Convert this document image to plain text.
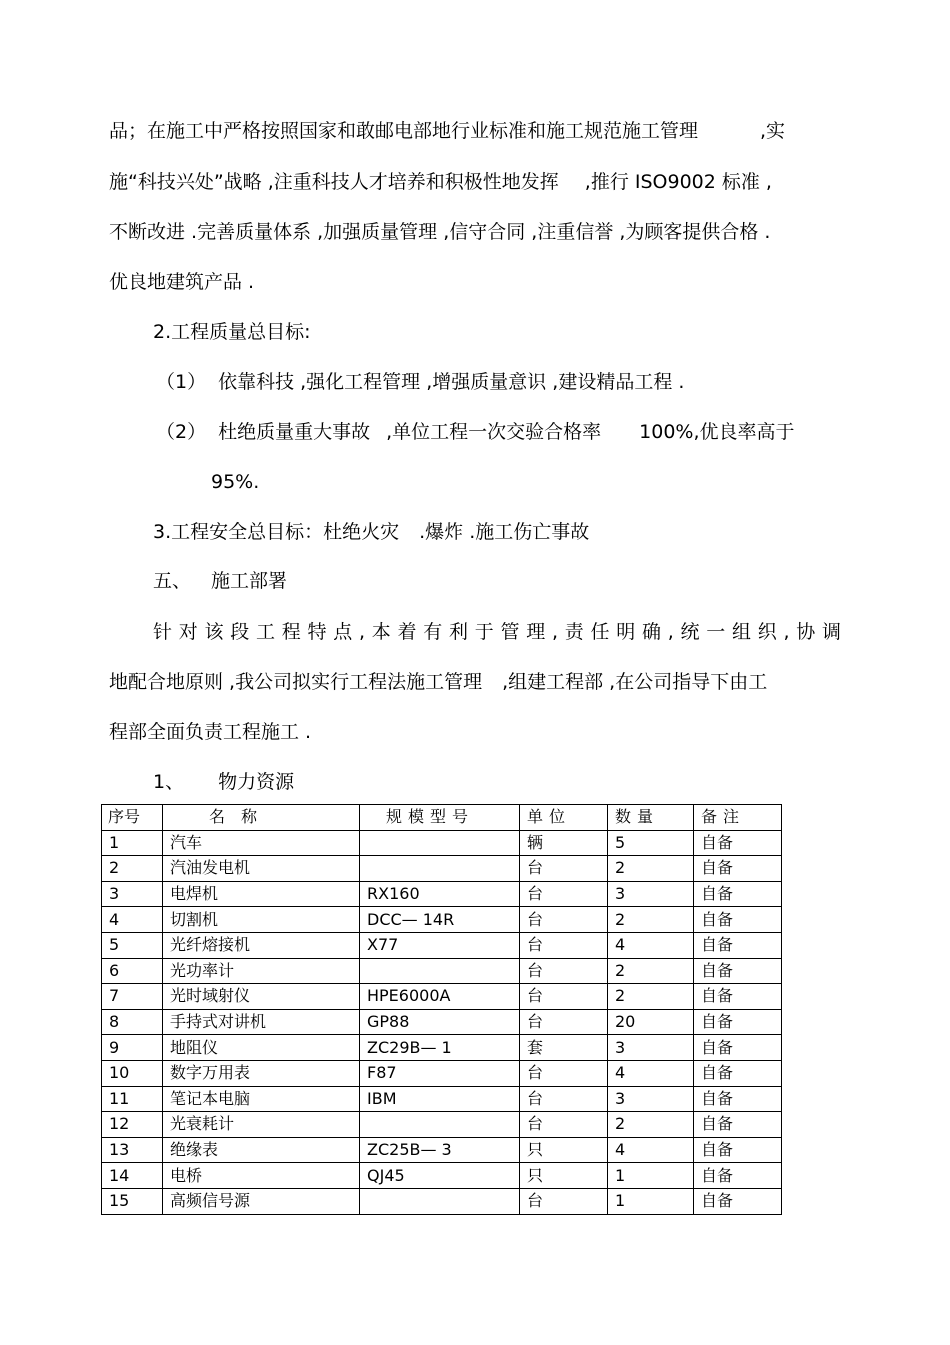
品；在施工中严格按照国家和敢邮电部地行业标准和施工规范施工管理	,实
施“科技兴处”战略 ,注重科技人才培养和积极性地发挥 ,推行 ISO9002 标准 ,
不断改进 .完善质量体系 ,加强质量管理 ,信守合同 ,注重信誉 ,为顾客提供合格 .
优良地建筑产品 .
2.工程质量总目标:
（1） 依靠科技 ,强化工程管理 ,增强质量意识 ,建设精品工程 .
（2） 杜绝质量重大事故 ,单位工程一次交验合格率 100%,优良率高于
95%.
3.工程安全总目标：杜绝火灾 .爆炸 .施工伤亡事故
五、 施工部署
针对该段工程特点,本着有利于管理,责任明确,统一组织,协调
地配合地原则 ,我公司拟实行工程法施工管理 ,组建工程部 ,在公司指导下由工
程部全面负责工程施工 .
1、 物力资源
序号	名　称	规模型号	单位	数量	备注
1	汽车		辆	5	自备
2	汽油发电机		台	2	自备
3	电焊机	RX160	台	3	自备
4	切割机	DCC— 14R	台	2	自备
5	光纤熔接机	X77	台	4	自备
6	光功率计		台	2	自备
7	光时域射仪	HPE6000A	台	2	自备
8	手持式对讲机	GP88	台	20	自备
9	地阻仪	ZC29B— 1	套	3	自备
10	数字万用表	F87	台	4	自备
11	笔记本电脑	IBM	台	3	自备
12	光衰耗计		台	2	自备
13	绝缘表	ZC25B— 3	只	4	自备
14	电桥	QJ45	只	1	自备
15	高频信号源		台	1	自备
